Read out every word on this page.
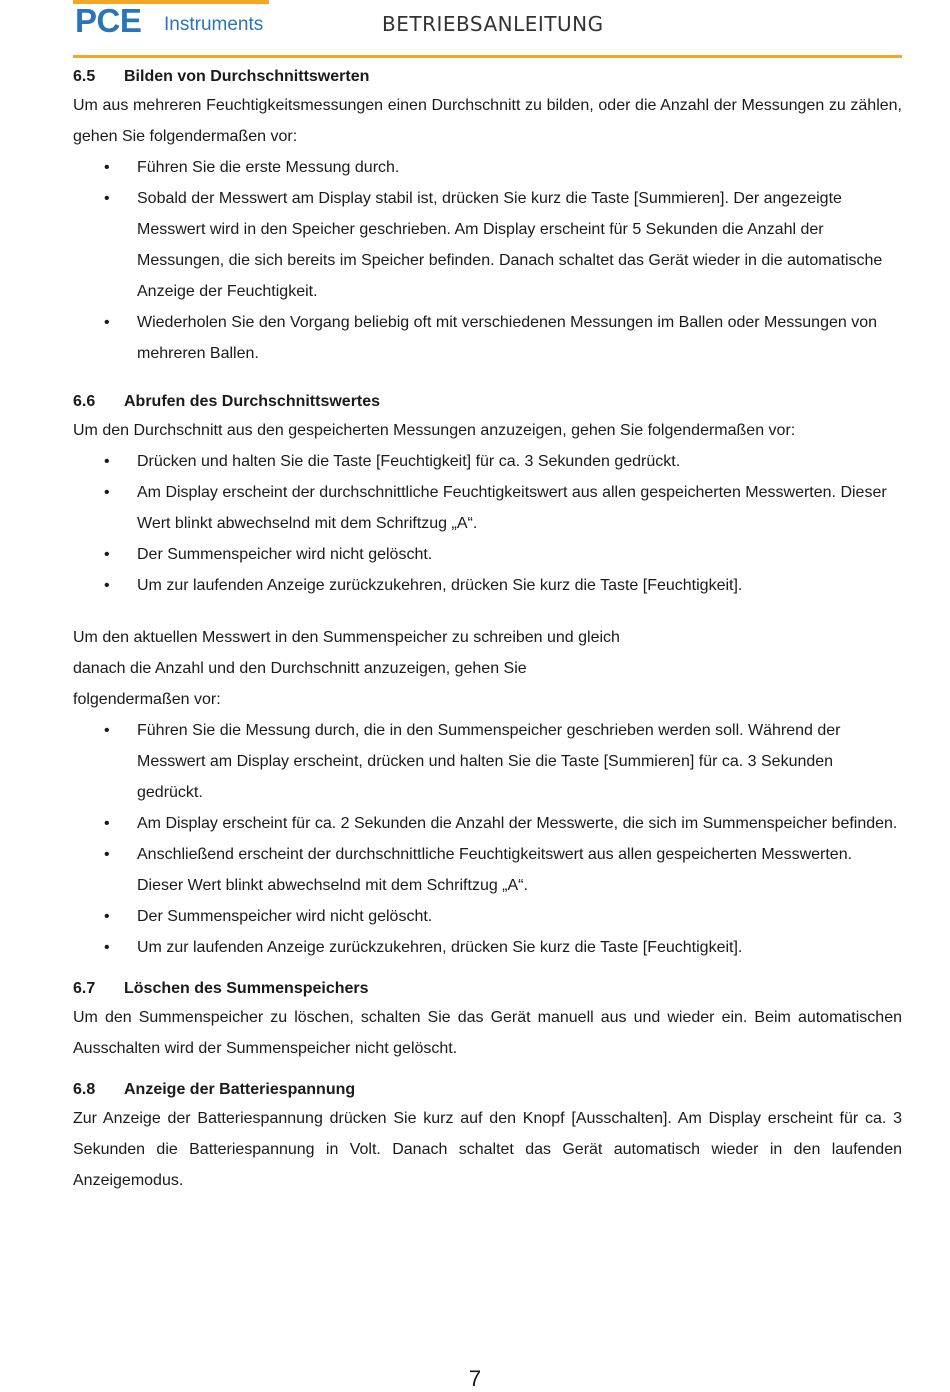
PCE Instruments	BETRIEBSANLEITUNG
6.5 Bilden von Durchschnittswerten

Um aus mehreren Feuchtigkeitsmessungen einen Durchschnitt zu bilden, oder die Anzahl der Messungen zu zählen, gehen Sie folgendermaßen vor:

• Führen Sie die erste Messung durch.
• Sobald der Messwert am Display stabil ist, drücken Sie kurz die Taste [Summieren]. Der angezeigte Messwert wird in den Speicher geschrieben. Am Display erscheint für 5 Sekunden die Anzahl der Messungen, die sich bereits im Speicher befinden. Danach schaltet das Gerät wieder in die automatische Anzeige der Feuchtigkeit.
• Wiederholen Sie den Vorgang beliebig oft mit verschiedenen Messungen im Ballen oder Messungen von mehreren Ballen.
6.6 Abrufen des Durchschnittswertes

Um den Durchschnitt aus den gespeicherten Messungen anzuzeigen, gehen Sie folgendermaßen vor:

• Drücken und halten Sie die Taste [Feuchtigkeit] für ca. 3 Sekunden gedrückt.
• Am Display erscheint der durchschnittliche Feuchtigkeitswert aus allen gespeicherten Messwerten. Dieser Wert blinkt abwechselnd mit dem Schriftzug „A“.
• Der Summenspeicher wird nicht gelöscht.
• Um zur laufenden Anzeige zurückzukehren, drücken Sie kurz die Taste [Feuchtigkeit].

Um den aktuellen Messwert in den Summenspeicher zu schreiben und gleich
danach die Anzahl und den Durchschnitt anzuzeigen, gehen Sie
folgendermaßen vor:

• Führen Sie die Messung durch, die in den Summenspeicher geschrieben werden soll. Während der Messwert am Display erscheint, drücken und halten Sie die Taste [Summieren] für ca. 3 Sekunden gedrückt.
• Am Display erscheint für ca. 2 Sekunden die Anzahl der Messwerte, die sich im Summenspeicher befinden.
• Anschließend erscheint der durchschnittliche Feuchtigkeitswert aus allen gespeicherten Messwerten. Dieser Wert blinkt abwechselnd mit dem Schriftzug „A“.
• Der Summenspeicher wird nicht gelöscht.
• Um zur laufenden Anzeige zurückzukehren, drücken Sie kurz die Taste [Feuchtigkeit].
6.7 Löschen des Summenspeichers

Um den Summenspeicher zu löschen, schalten Sie das Gerät manuell aus und wieder ein. Beim automatischen Ausschalten wird der Summenspeicher nicht gelöscht.

6.8 Anzeige der Batteriespannung

Zur Anzeige der Batteriespannung drücken Sie kurz auf den Knopf [Ausschalten]. Am Display erscheint für ca. 3 Sekunden die Batteriespannung in Volt. Danach schaltet das Gerät automatisch wieder in den laufenden Anzeigemodus.

7
